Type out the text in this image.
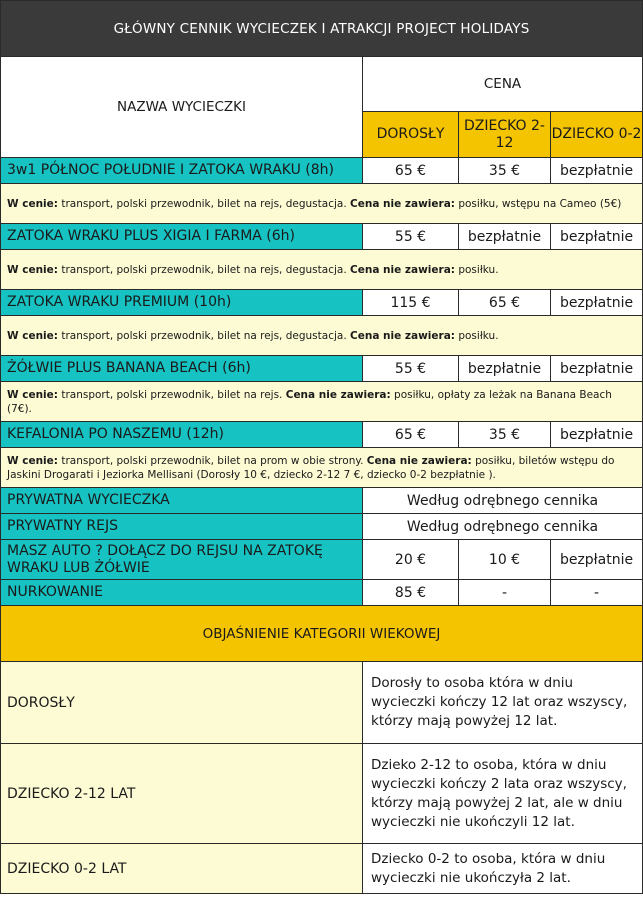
GŁÓWNY CENNIK WYCIECZEK I ATRAKCJI PROJECT HOLIDAYS			
NAZWA WYCIECZKI	CENA		
	DOROSŁY	DZIECKO 2-12	DZIECKO 0-2
3w1 PÓŁNOC POŁUDNIE I ZATOKA WRAKU (8h)	65 €	35 €	bezpłatnie
W cenie: transport, polski przewodnik, bilet na rejs, degustacja. Cena nie zawiera: posiłku, wstępu na Cameo (5€)			
ZATOKA WRAKU PLUS XIGIA I FARMA (6h)	55 €	bezpłatnie	bezpłatnie
W cenie: transport, polski przewodnik, bilet na rejs, degustacja. Cena nie zawiera: posiłku.			
ZATOKA WRAKU PREMIUM (10h)	115 €	65 €	bezpłatnie
W cenie: transport, polski przewodnik, bilet na rejs, degustacja. Cena nie zawiera: posiłku.			
ŻÓŁWIE PLUS BANANA BEACH (6h)	55 €	bezpłatnie	bezpłatnie
W cenie: transport, polski przewodnik, bilet na rejs. Cena nie zawiera: posiłku, opłaty za leżak na Banana Beach (7€).			
KEFALONIA PO NASZEMU (12h)	65 €	35 €	bezpłatnie
W cenie: transport, polski przewodnik, bilet na prom w obie strony. Cena nie zawiera: posiłku, biletów wstępu do Jaskini Drogarati i Jeziorka Mellisani (Dorosły 10 €, dziecko 2-12 7 €, dziecko 0-2 bezpłatnie ).			
PRYWATNA WYCIECZKA	Według odrębnego cennika		
PRYWATNY REJS	Według odrębnego cennika		
MASZ AUTO ? DOŁĄCZ DO REJSU NA ZATOKĘ WRAKU LUB ŻÓŁWIE	20 €	10 €	bezpłatnie
NURKOWANIE	85 €	-	-
OBJAŚNIENIE KATEGORII WIEKOWEJ			
DOROSŁY	Dorosły to osoba która w dniu wycieczki kończy 12 lat oraz wszyscy, którzy mają powyżej 12 lat.		
DZIECKO 2-12 LAT	Dzieko 2-12 to osoba, która w dniu wycieczki kończy 2 lata oraz wszyscy, którzy mają powyżej 2 lat, ale w dniu wycieczki nie ukończyli 12 lat.		
DZIECKO 0-2 LAT	Dziecko 0-2 to osoba, która w dniu wycieczki nie ukończyła 2 lat.		
